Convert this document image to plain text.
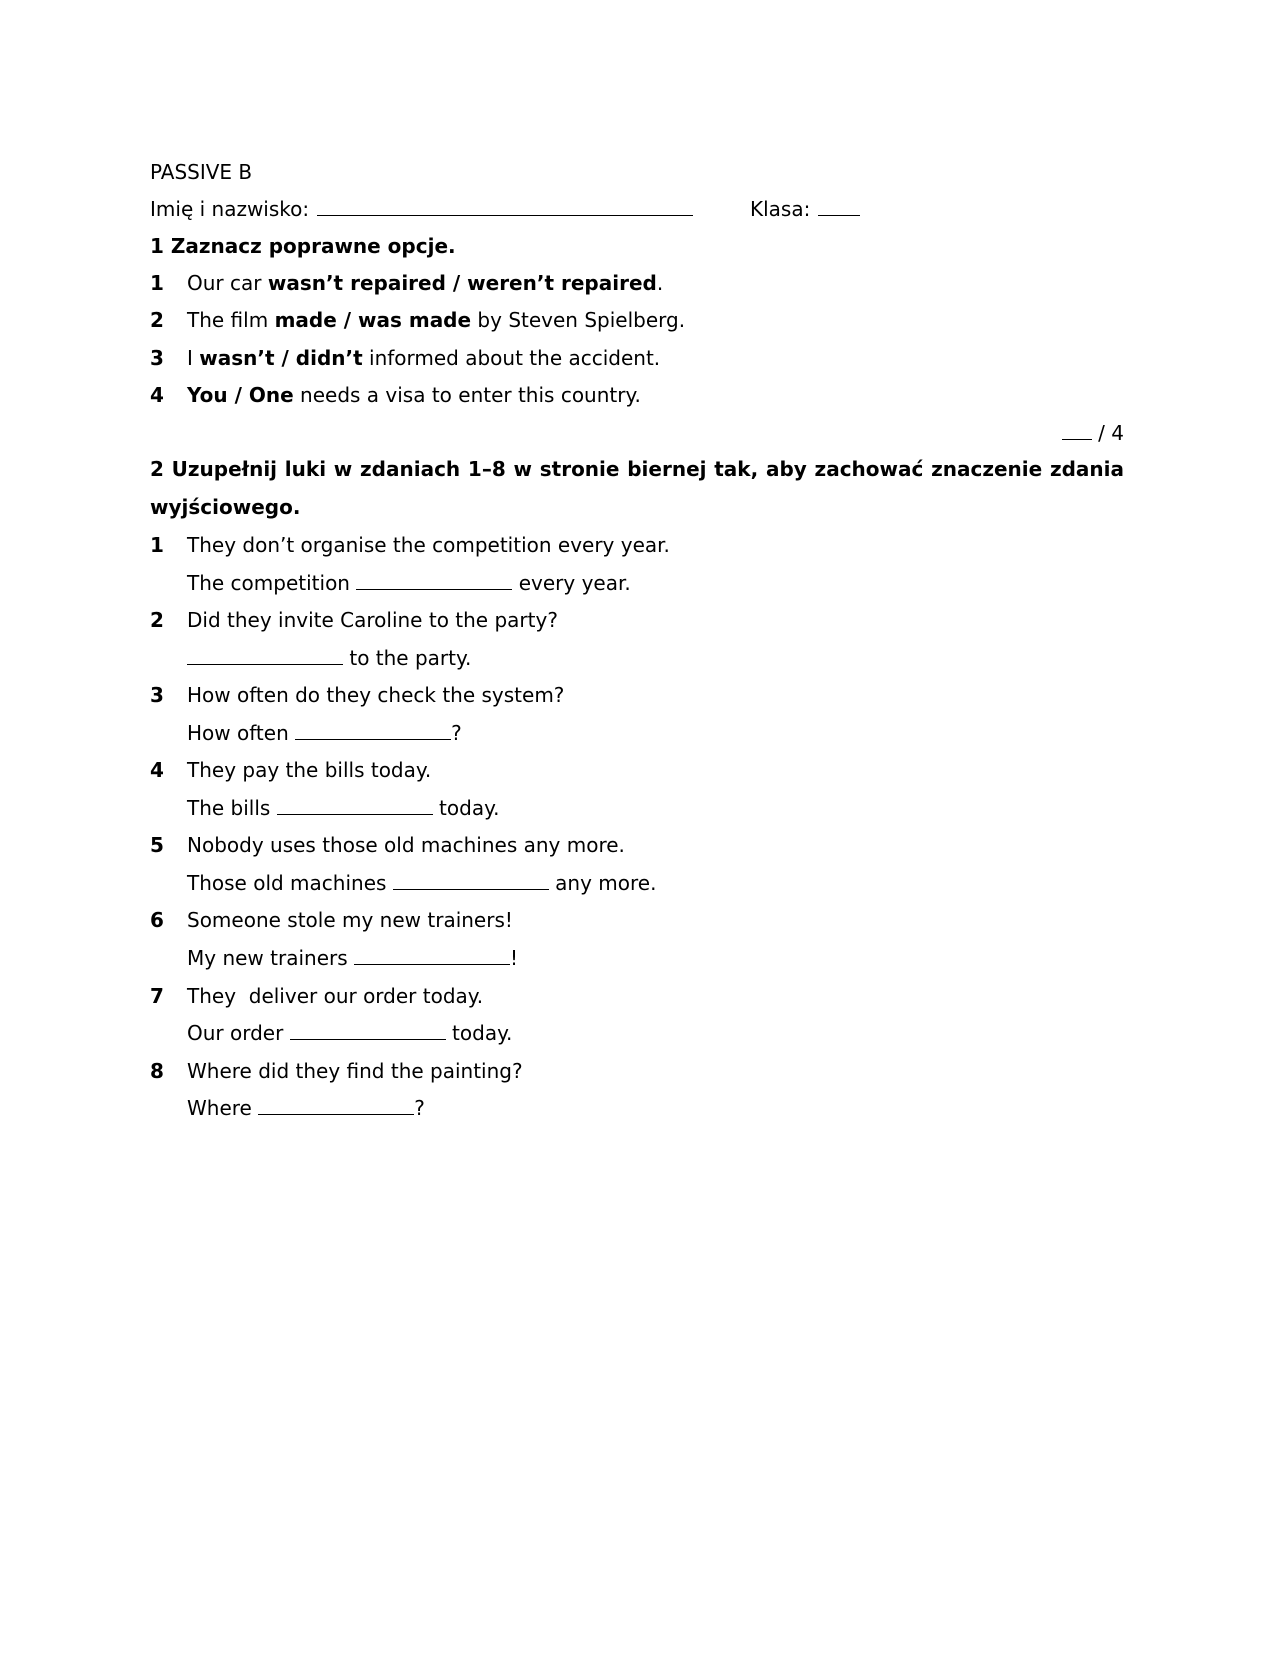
PASSIVE B
Imię i nazwisko:	Klasa:
1 Zaznacz poprawne opcje.
1 Our car wasn’t repaired / weren’t repaired.
2 The film made / was made by Steven Spielberg.
3 I wasn’t / didn’t informed about the accident.
4 You / One needs a visa to enter this country.
/ 4
2 Uzupełnij luki w zdaniach 1–8 w stronie biernej tak, aby zachować znaczenie zdania wyjściowego.
1 They don’t organise the competition every year.
The competition	every year.
2 Did they invite Caroline to the party?
to the party.
3 How often do they check the system?
How often	?
4 They pay the bills today.
The bills	today.
5 Nobody uses those old machines any more.
Those old machines	any more.
6 Someone stole my new trainers!
My new trainers	!
7 They  deliver our order today.
Our order	today.
8 Where did they find the painting?
Where	?
